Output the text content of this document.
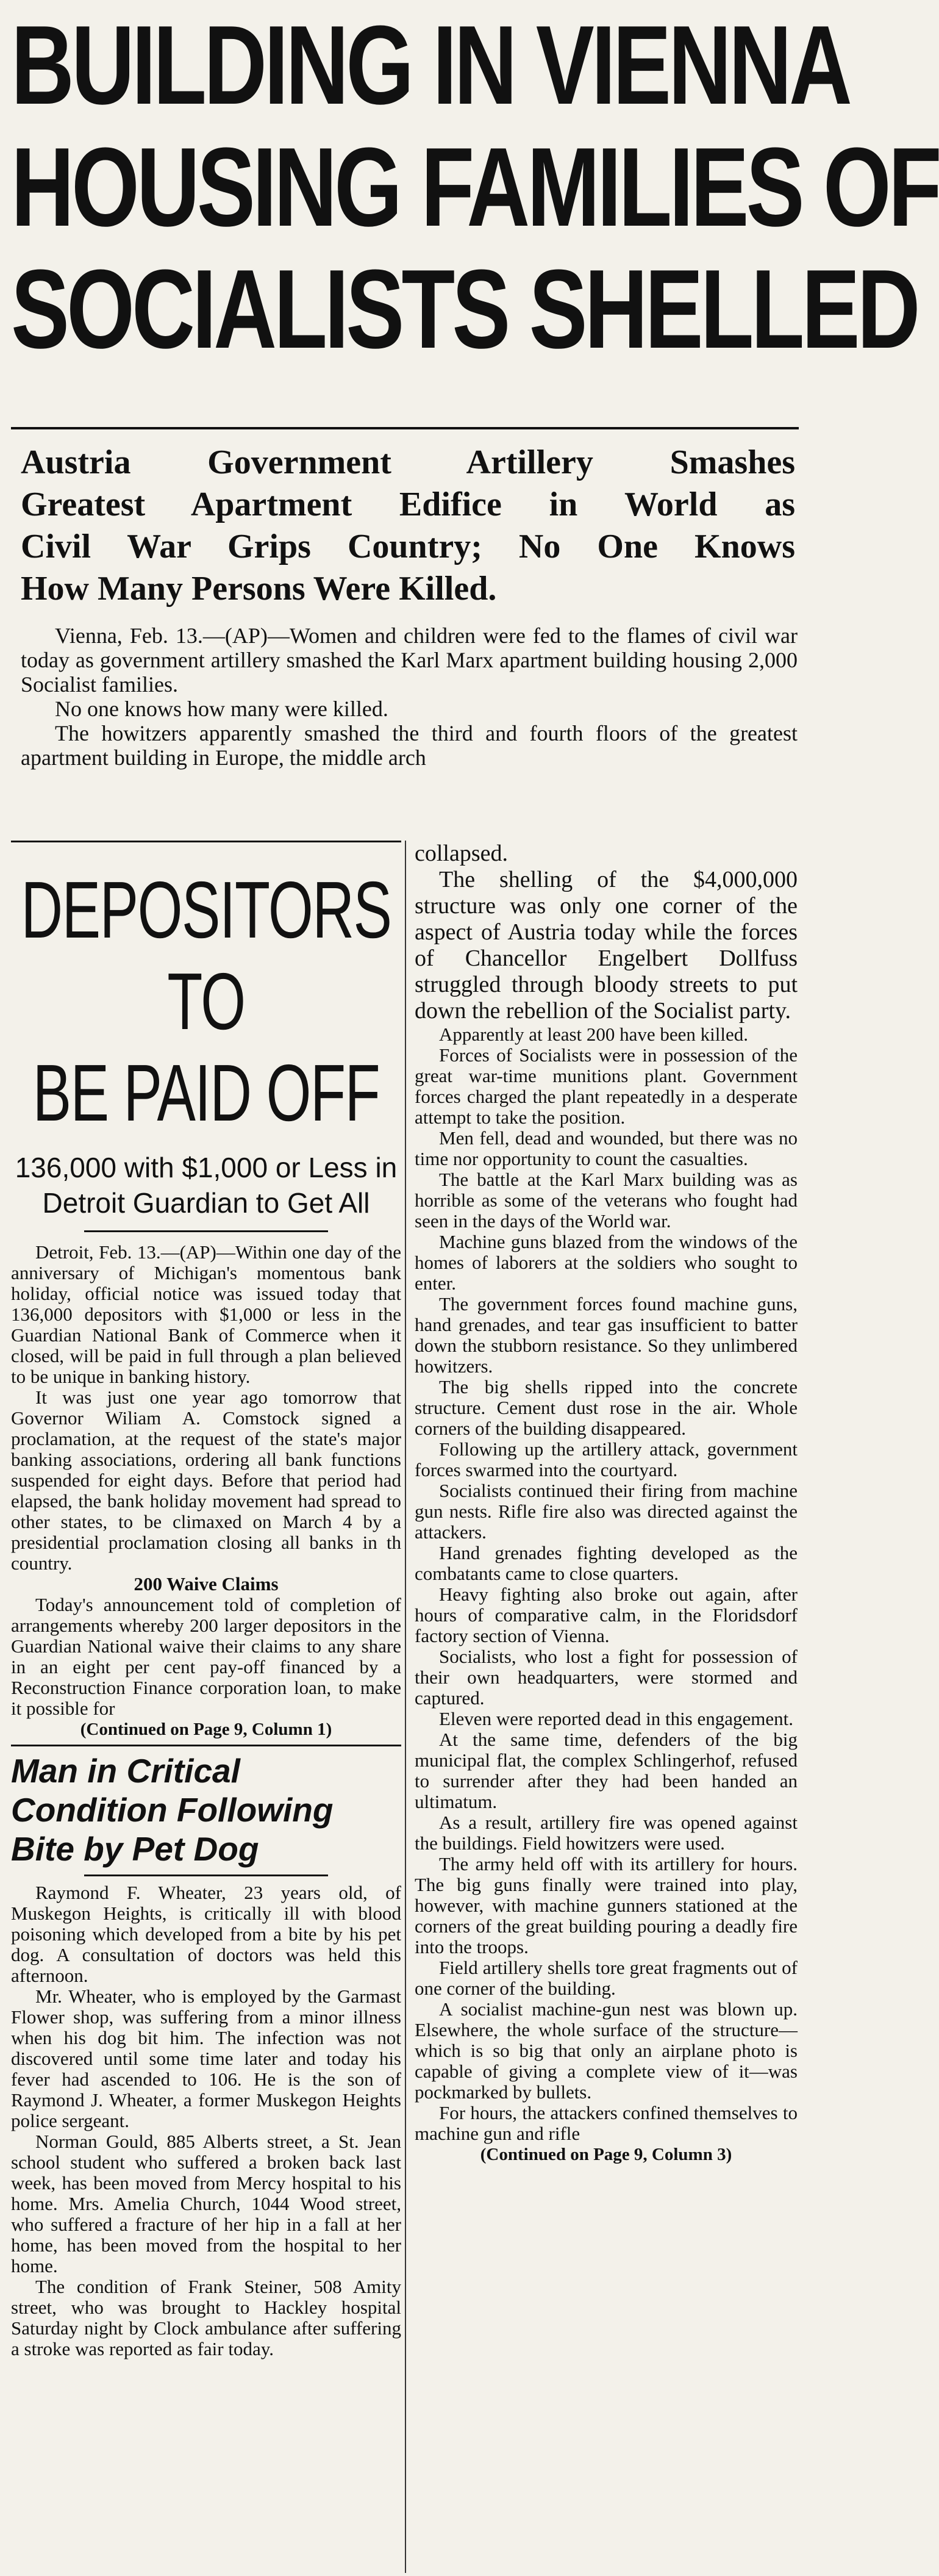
BUILDING IN VIENNA
HOUSING FAMILIES OF
SOCIALISTS SHELLED
Austria Government Artillery Smashes
Greatest Apartment Edifice in World as
Civil War Grips Country; No One Knows
How Many Persons Were Killed.

Vienna, Feb. 13.—(AP)—Women and children were fed to the flames of civil war today as government artillery smashed the Karl Marx apartment building housing 2,000 Socialist families.

No one knows how many were killed.

The howitzers apparently smashed the third and fourth floors of the greatest apartment building in Europe, the middle arch

DEPOSITORS TO
BE PAID OFF
136,000 with $1,000 or Less in Detroit Guardian to Get All

Detroit, Feb. 13.—(AP)—Within one day of the anniversary of Michigan's momentous bank holiday, official notice was issued today that 136,000 depositors with $1,000 or less in the Guardian National Bank of Commerce when it closed, will be paid in full through a plan believed to be unique in banking history.

It was just one year ago tomorrow that Governor Wiliam A. Comstock signed a proclamation, at the request of the state's major banking associations, ordering all bank functions suspended for eight days. Before that period had elapsed, the bank holiday movement had spread to other states, to be climaxed on March 4 by a presidential proclamation closing all banks in th country.

200 Waive Claims

Today's announcement told of completion of arrangements whereby 200 larger depositors in the Guardian National waive their claims to any share in an eight per cent pay-off financed by a Reconstruction Finance corporation loan, to make it possible for

(Continued on Page 9, Column 1)
Man in Critical Condition Following Bite by Pet Dog

Raymond F. Wheater, 23 years old, of Muskegon Heights, is critically ill with blood poisoning which developed from a bite by his pet dog. A consultation of doctors was held this afternoon.

Mr. Wheater, who is employed by the Garmast Flower shop, was suffering from a minor illness when his dog bit him. The infection was not discovered until some time later and today his fever had ascended to 106. He is the son of Raymond J. Wheater, a former Muskegon Heights police sergeant.

Norman Gould, 885 Alberts street, a St. Jean school student who suffered a broken back last week, has been moved from Mercy hospital to his home. Mrs. Amelia Church, 1044 Wood street, who suffered a fracture of her hip in a fall at her home, has been moved from the hospital to her home.

The condition of Frank Steiner, 508 Amity street, who was brought to Hackley hospital Saturday night by Clock ambulance after suffering a stroke was reported as fair today.

collapsed.

The shelling of the $4,000,000 structure was only one corner of the aspect of Austria today while the forces of Chancellor Engelbert Dollfuss struggled through bloody streets to put down the rebellion of the Socialist party.

Apparently at least 200 have been killed.

Forces of Socialists were in possession of the great war-time munitions plant. Government forces charged the plant repeatedly in a desperate attempt to take the position.

Men fell, dead and wounded, but there was no time nor opportunity to count the casualties.

The battle at the Karl Marx building was as horrible as some of the veterans who fought had seen in the days of the World war.

Machine guns blazed from the windows of the homes of laborers at the soldiers who sought to enter.

The government forces found machine guns, hand grenades, and tear gas insufficient to batter down the stubborn resistance. So they unlimbered howitzers.

The big shells ripped into the concrete structure. Cement dust rose in the air. Whole corners of the building disappeared.

Following up the artillery attack, government forces swarmed into the courtyard.

Socialists continued their firing from machine gun nests. Rifle fire also was directed against the attackers.

Hand grenades fighting developed as the combatants came to close quarters.

Heavy fighting also broke out again, after hours of comparative calm, in the Floridsdorf factory section of Vienna.

Socialists, who lost a fight for possession of their own headquarters, were stormed and captured.

Eleven were reported dead in this engagement.

At the same time, defenders of the big municipal flat, the complex Schlingerhof, refused to surrender after they had been handed an ultimatum.

As a result, artillery fire was opened against the buildings. Field howitzers were used.

The army held off with its artillery for hours. The big guns finally were trained into play, however, with machine gunners stationed at the corners of the great building pouring a deadly fire into the troops.

Field artillery shells tore great fragments out of one corner of the building.

A socialist machine-gun nest was blown up. Elsewhere, the whole surface of the structure—which is so big that only an airplane photo is capable of giving a complete view of it—was pockmarked by bullets.

For hours, the attackers confined themselves to machine gun and rifle

(Continued on Page 9, Column 3)
